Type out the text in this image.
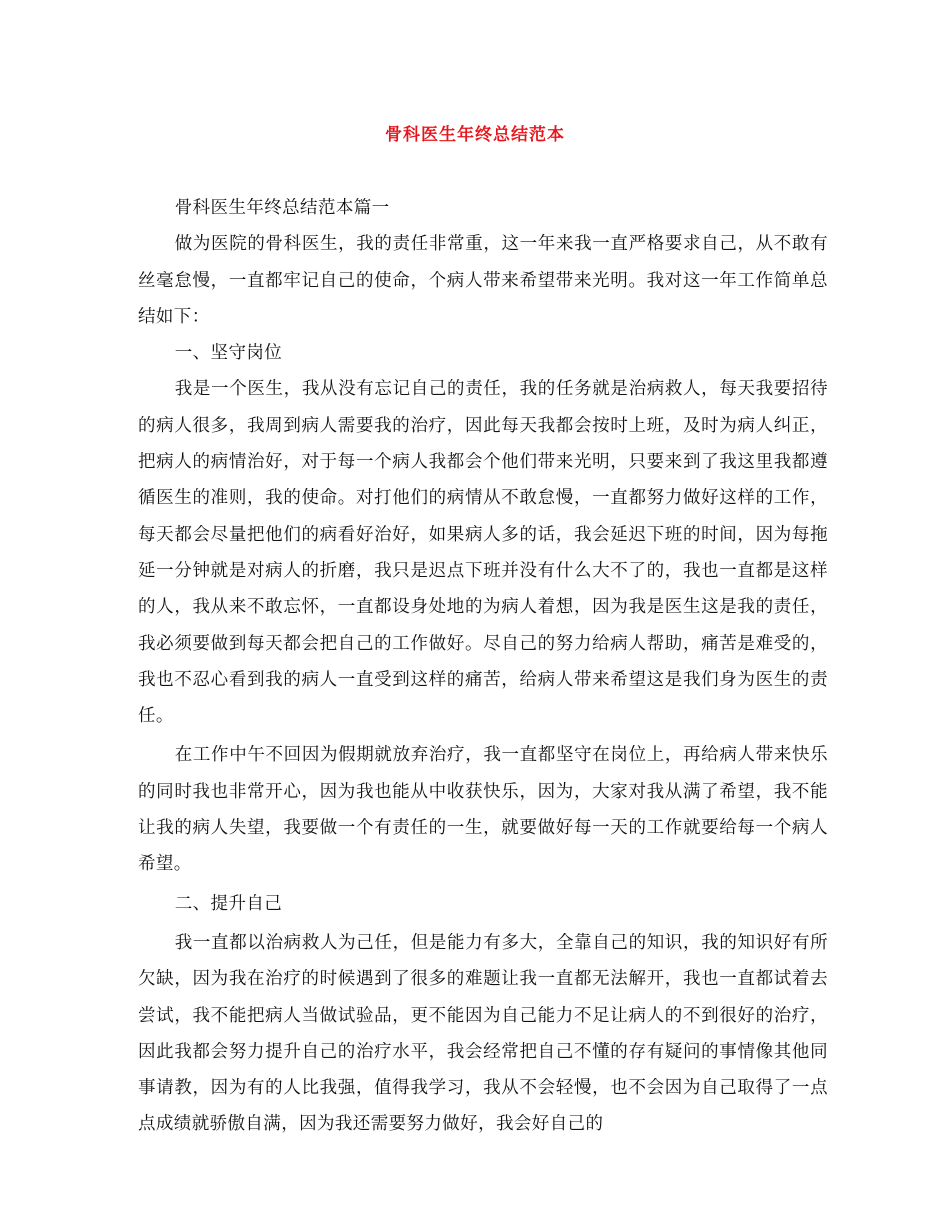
骨科医生年终总结范本

骨科医生年终总结范本篇一

做为医院的骨科医生，我的责任非常重，这一年来我一直严格要求自己，从不敢有丝毫怠慢，一直都牢记自己的使命，个病人带来希望带来光明。我对这一年工作简单总结如下：

一、坚守岗位

我是一个医生，我从没有忘记自己的责任，我的任务就是治病救人，每天我要招待的病人很多，我周到病人需要我的治疗，因此每天我都会按时上班，及时为病人纠正，把病人的病情治好，对于每一个病人我都会个他们带来光明，只要来到了我这里我都遵循医生的准则，我的使命。对打他们的病情从不敢怠慢，一直都努力做好这样的工作，每天都会尽量把他们的病看好治好，如果病人多的话，我会延迟下班的时间，因为每拖延一分钟就是对病人的折磨，我只是迟点下班并没有什么大不了的，我也一直都是这样的人，我从来不敢忘怀，一直都设身处地的为病人着想，因为我是医生这是我的责任，我必须要做到每天都会把自己的工作做好。尽自己的努力给病人帮助，痛苦是难受的，我也不忍心看到我的病人一直受到这样的痛苦，给病人带来希望这是我们身为医生的责任。

在工作中午不回因为假期就放弃治疗，我一直都坚守在岗位上，再给病人带来快乐的同时我也非常开心，因为我也能从中收获快乐，因为，大家对我从满了希望，我不能让我的病人失望，我要做一个有责任的一生，就要做好每一天的工作就要给每一个病人希望。

二、提升自己

我一直都以治病救人为己任，但是能力有多大，全靠自己的知识，我的知识好有所欠缺，因为我在治疗的时候遇到了很多的难题让我一直都无法解开，我也一直都试着去尝试，我不能把病人当做试验品，更不能因为自己能力不足让病人的不到很好的治疗，因此我都会努力提升自己的治疗水平，我会经常把自己不懂的存有疑问的事情像其他同事请教，因为有的人比我强，值得我学习，我从不会轻慢，也不会因为自己取得了一点点成绩就骄傲自满，因为我还需要努力做好，我会好自己的
